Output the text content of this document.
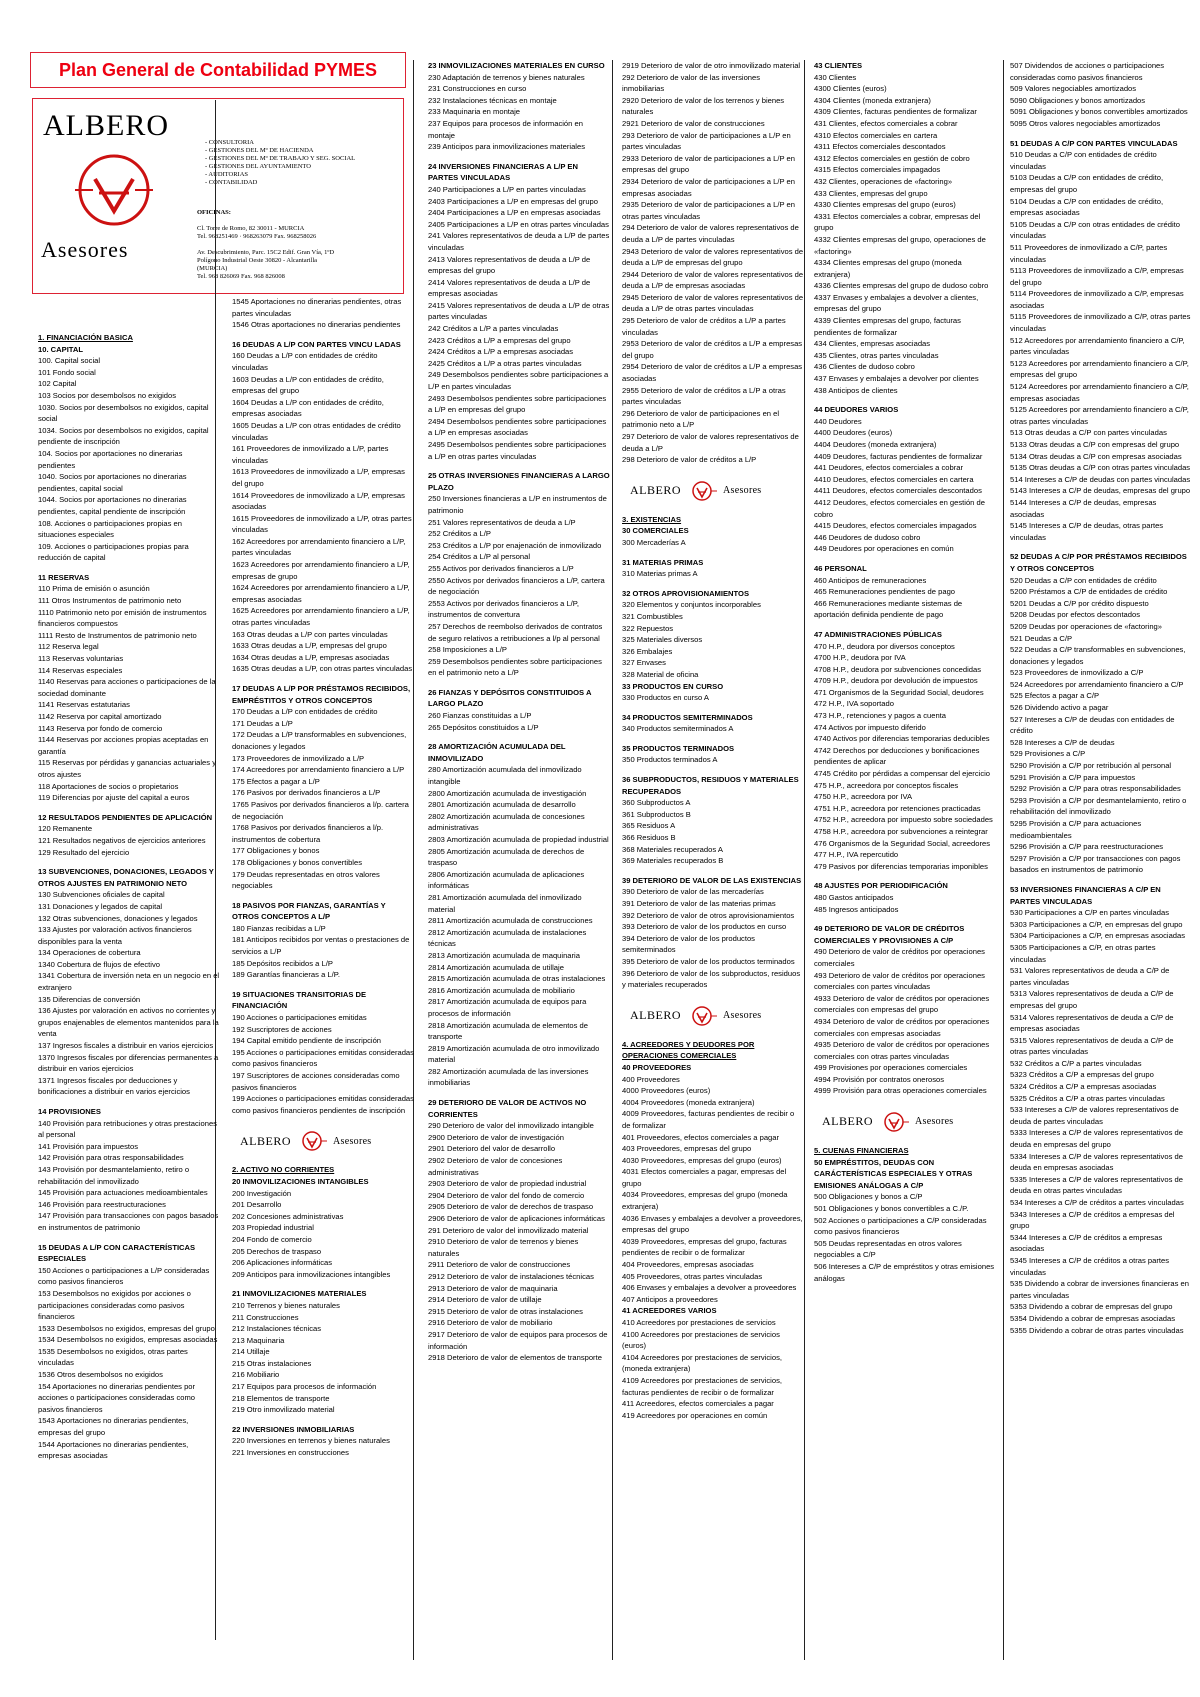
Plan General de Contabilidad PYMES
ALBERO
Asesores
- CONSULTORIA
- GESTIONES DEL Mº DE HACIENDA
- GESTIONES DEL Mº DE TRABAJO Y SEG. SOCIAL
- GESTIONES DEL AYUNTAMIENTO
- AUDITORIAS
- CONTABILIDAD
OFICINAS:
Cl. Torre de Romo, 82 30011 - MURCIA
Tel. 968251469 · 968263079 Fax. 968258026
Av. Descubrimiento, Parc. 15C2 Edif. Gran Vía, 1ºD
Polígono Industrial Oeste 30820 - Alcantarilla
(MURCIA)
Tel. 968 826069 Fax. 968 826008
1. FINANCIACIÓN BASICA
10. CAPITAL
100. Capital social
101 Fondo social
102 Capital
103 Socios por desembolsos no exigidos
1030. Socios por desembolsos no exigidos, capital social
1034. Socios por desembolsos no exigidos, capital pendiente de inscripción
104. Socios por aportaciones no dinerarias pendientes
1040. Socios por aportaciones no dinerarias pendientes, capital social
1044. Socios por aportaciones no dinerarias pendientes, capital pendiente de inscripción
108. Acciones o participaciones propias en situaciones especiales
109. Acciones o participaciones propias para reducción de capital
11 RESERVAS
110 Prima de emisión o asunción
111 Otros Instrumentos de patrimonio neto
1110 Patrimonio neto por emisión de instrumentos financieros compuestos
1111 Resto de Instrumentos de patrimonio neto
112 Reserva legal
113 Reservas voluntarias
114 Reservas especiales
1140 Reservas para acciones o participaciones de la sociedad dominante
1141 Reservas estatutarias
1142 Reserva por capital amortizado
1143 Reserva por fondo de comercio
1144 Reservas por acciones propias aceptadas en garantía
115 Reservas por pérdidas y ganancias actuariales y otros ajustes
118 Aportaciones de socios o propietarios
119 Diferencias por ajuste del capital a euros
12 RESULTADOS PENDIENTES DE APLICACIÓN
120 Remanente
121 Resultados negativos de ejercicios anteriores
129 Resultado del ejercicio
13 SUBVENCIONES, DONACIONES, LEGADOS Y OTROS AJUSTES EN PATRIMONIO NETO
130 Subvenciones oficiales de capital
131 Donaciones y legados de capital
132 Otras subvenciones, donaciones y legados
133 Ajustes por valoración activos financieros disponibles para la venta
134 Operaciones de cobertura
1340 Cobertura de flujos de efectivo
1341 Cobertura de inversión neta en un negocio en el extranjero
135 Diferencias de conversión
136 Ajustes por valoración en activos no corrientes y grupos enajenables de elementos mantenidos para la venta
137 Ingresos fiscales a distribuir en varios ejercicios
1370 Ingresos fiscales por diferencias permanentes a distribuir en varios ejercicios
1371 Ingresos fiscales por deducciones y bonificaciones a distribuir en varios ejercicios
14 PROVISIONES
140 Provisión para retribuciones y otras prestaciones al personal
141 Provisión para impuestos
142 Provisión para otras responsabilidades
143 Provisión por desmantelamiento, retiro o rehabilitación del inmovilizado
145 Provisión para actuaciones medioambientales
146 Provisión para reestructuraciones
147 Provisión para transacciones con pagos basados en instrumentos de patrimonio
15 DEUDAS A L/P CON CARACTERÍSTICAS ESPECIALES
150 Acciones o participaciones a L/P consideradas como pasivos financieros
153 Desembolsos no exigidos por acciones o participaciones consideradas como pasivos financieros
1533 Desembolsos no exigidos, empresas del grupo
1534 Desembolsos no exigidos, empresas asociadas
1535 Desembolsos no exigidos, otras partes vinculadas
1536 Otros desembolsos no exigidos
154 Aportaciones no dinerarias pendientes por acciones o participaciones consideradas como pasivos financieros
1543 Aportaciones no dinerarias pendientes, empresas del grupo
1544 Aportaciones no dinerarias pendientes, empresas asociadas
1545 Aportaciones no dinerarias pendientes, otras partes vinculadas
1546 Otras aportaciones no dinerarias pendientes
16 DEUDAS A L/P CON PARTES VINCU LADAS
160 Deudas a L/P con entidades de crédito vinculadas
1603 Deudas a L/P con entidades de crédito, empresas del grupo
1604 Deudas a L/P con entidades de crédito, empresas asociadas
1605 Deudas a L/P con otras entidades de crédito vinculadas
161 Proveedores de inmovilizado a L/P, partes vinculadas
1613 Proveedores de inmovilizado a L/P, empresas del grupo
1614 Proveedores de inmovilizado a L/P, empresas asociadas
1615 Proveedores de inmovilizado a L/P, otras partes vinculadas
162 Acreedores por arrendamiento financiero a L/P, partes vinculadas
1623 Acreedores por arrendamiento financiero a L/P, empresas de grupo
1624 Acreedores por arrendamiento financiero a L/P, empresas asociadas
1625 Acreedores por arrendamiento financiero a L/P, otras partes vinculadas
163 Otras deudas a L/P con partes vinculadas
1633 Otras deudas a L/P, empresas del grupo
1634 Otras deudas a L/P, empresas asociadas
1635 Otras deudas a L/P, con otras partes vinculadas
17 DEUDAS A L/P POR PRÉSTAMOS RECIBIDOS, EMPRÉSTITOS Y OTROS CONCEPTOS
170 Deudas a L/P con entidades de crédito
171 Deudas a L/P
172 Deudas a L/P transformables en subvenciones, donaciones y legados
173 Proveedores de inmovilizado a L/P
174 Acreedores por arrendamiento financiero a L/P
175 Efectos a pagar a L/P
176 Pasivos por derivados financieros a L/P
1765 Pasivos por derivados financieros a l/p. cartera de negociación
1768 Pasivos por derivados financieros a l/p. instrumentos de cobertura
177 Obligaciones y bonos
178 Obligaciones y bonos convertibles
179 Deudas representadas en otros valores negociables
18 PASIVOS POR FIANZAS, GARANTÍAS Y OTROS CONCEPTOS A L/P
180 Fianzas recibidas a L/P
181 Anticipos recibidos por ventas o prestaciones de servicios a L/P
185 Depósitos recibidos a L/P
189 Garantías financieras a L/P.
19 SITUACIONES TRANSITORIAS DE FINANCIACIÓN
190 Acciones o participaciones emitidas
192 Suscriptores de acciones
194 Capital emitido pendiente de inscripción
195 Acciones o participaciones emitidas consideradas como pasivos financieros
197 Suscriptores de acciones consideradas como pasivos financieros
199 Acciones o participaciones emitidas consideradas como pasivos financieros pendientes de inscripción
ALBERO	Asesores
2. ACTIVO NO CORRIENTES
20 INMOVILIZACIONES INTANGIBLES
200 Investigación
201 Desarrollo
202 Concesiones administrativas
203 Propiedad industrial
204 Fondo de comercio
205 Derechos de traspaso
206 Aplicaciones informáticas
209 Anticipos para inmovilizaciones intangibles
21 INMOVILIZACIONES MATERIALES
210 Terrenos y bienes naturales
211 Construcciones
212 Instalaciones técnicas
213 Maquinaria
214 Utillaje
215 Otras instalaciones
216 Mobiliario
217 Equipos para procesos de información
218 Elementos de transporte
219 Otro inmovilizado material
22 INVERSIONES INMOBILIARIAS
220 Inversiones en terrenos y bienes naturales
221 Inversiones en construcciones
23 INMOVILIZACIONES MATERIALES EN CURSO
230 Adaptación de terrenos y bienes naturales
231 Construcciones en curso
232 Instalaciones técnicas en montaje
233 Maquinaria en montaje
237 Equipos para procesos de información en montaje
239 Anticipos para inmovilizaciones materiales
24 INVERSIONES FINANCIERAS A L/P EN PARTES VINCULADAS
240 Participaciones a L/P en partes vinculadas
2403 Participaciones a L/P en empresas del grupo
2404 Participaciones a L/P en empresas asociadas
2405 Participaciones a L/P en otras partes vinculadas
241 Valores representativos de deuda a L/P de partes vinculadas
2413 Valores representativos de deuda a L/P de empresas del grupo
2414 Valores representativos de deuda a L/P de empresas asociadas
2415 Valores representativos de deuda a L/P de otras partes vinculadas
242 Créditos a L/P a partes vinculadas
2423 Créditos a L/P a empresas del grupo
2424 Créditos a L/P a empresas asociadas
2425 Créditos a L/P a otras partes vinculadas
249 Desembolsos pendientes sobre participaciones a L/P en partes vinculadas
2493 Desembolsos pendientes sobre participaciones a L/P en empresas del grupo
2494 Desembolsos pendientes sobre participaciones a L/P en empresas asociadas
2495 Desembolsos pendientes sobre participaciones a L/P en otras partes vinculadas
25 OTRAS INVERSIONES FINANCIERAS A LARGO PLAZO
250 Inversiones financieras a L/P en instrumentos de patrimonio
251 Valores representativos de deuda a L/P
252 Créditos a L/P
253 Créditos a L/P por enajenación de inmovilizado
254 Créditos a L/P al personal
255 Activos por derivados financieros a L/P
2550 Activos por derivados financieros a L/P, cartera de negociación
2553 Activos por derivados financieros a L/P, instrumentos de convertura
257 Derechos de reembolso derivados de contratos de seguro relativos a retribuciones a l/p al personal
258 Imposiciones a L/P
259 Desembolsos pendientes sobre participaciones en el patrimonio neto a L/P
26 FIANZAS Y DEPÓSITOS CONSTITUIDOS A LARGO PLAZO
260 Fianzas constituidas a L/P
265 Depósitos constituidos a L/P
28 AMORTIZACIÓN ACUMULADA DEL INMOVILIZADO
280 Amortización acumulada del inmovilizado intangible
2800 Amortización acumulada de investigación
2801 Amortización acumulada de desarrollo
2802 Amortización acumulada de concesiones administrativas
2803 Amortización acumulada de propiedad industrial
2805 Amortización acumulada de derechos de traspaso
2806 Amortización acumulada de aplicaciones informáticas
281 Amortización acumulada del inmovilizado material
2811 Amortización acumulada de construcciones
2812 Amortización acumulada de instalaciones técnicas
2813 Amortización acumulada de maquinaria
2814 Amortización acumulada de utillaje
2815 Amortización acumulada de otras instalaciones
2816 Amortización acumulada de mobiliario
2817 Amortización acumulada de equipos para procesos de información
2818 Amortización acumulada de elementos de transporte
2819 Amortización acumulada de otro inmovilizado material
282 Amortización acumulada de las inversiones inmobiliarias
29 DETERIORO DE VALOR DE ACTIVOS NO CORRIENTES
290 Deterioro de valor del inmovilizado intangible
2900 Deterioro de valor de investigación
2901 Deterioro del valor de desarrollo
2902 Deterioro de valor de concesiones administrativas
2903 Deterioro de valor de propiedad industrial
2904 Deterioro de valor del fondo de comercio
2905 Deterioro de valor de derechos de traspaso
2906 Deterioro de valor de aplicaciones informáticas
291 Deterioro de valor del inmovilizado material
2910 Deterioro de valor de terrenos y bienes naturales
2911 Deterioro de valor de construcciones
2912 Deterioro de valor de instalaciones técnicas
2913 Deterioro de valor de maquinaria
2914 Deterioro de valor de utillaje
2915 Deterioro de valor de otras instalaciones
2916 Deterioro de valor de mobiliario
2917 Deterioro de valor de equipos para procesos de información
2918 Deterioro de valor de elementos de transporte
2919 Deterioro de valor de otro inmovilizado material
292 Deterioro de valor de las inversiones inmobiliarias
2920 Deterioro de valor de los terrenos y bienes naturales
2921 Deterioro de valor de construcciones
293 Deterioro de valor de participaciones a L/P en partes vinculadas
2933 Deterioro de valor de participaciones a L/P en empresas del grupo
2934 Deterioro de valor de participaciones a L/P en empresas asociadas
2935 Deterioro de valor de participaciones a L/P en otras partes vinculadas
294 Deterioro de valor de valores representativos de deuda a L/P de partes vinculadas
2943 Deterioro de valor de valores representativos de deuda a L/P de empresas del grupo
2944 Deterioro de valor de valores representativos de deuda a L/P de empresas asociadas
2945 Deterioro de valor de valores representativos de deuda a L/P de otras partes vinculadas
295 Deterioro de valor de créditos a L/P a partes vinculadas
2953 Deterioro de valor de créditos a L/P a empresas del grupo
2954 Deterioro de valor de créditos a L/P a empresas asociadas
2955 Deterioro de valor de créditos a L/P a otras partes vinculadas
296 Deterioro de valor de participaciones en el patrimonio neto a L/P
297 Deterioro de valor de valores representativos de deuda a L/P
298 Deterioro de valor de créditos a L/P
ALBERO	Asesores
3. EXISTENCIAS
30 COMERCIALES
300 Mercaderías A
31 MATERIAS PRIMAS
310 Materias primas A
32 OTROS APROVISIONAMIENTOS
320 Elementos y conjuntos incorporables
321 Combustibles
322 Repuestos
325 Materiales diversos
326 Embalajes
327 Envases
328 Material de oficina
33 PRODUCTOS EN CURSO
330 Productos en curso A
34 PRODUCTOS SEMITERMINADOS
340 Productos semiterminados A
35 PRODUCTOS TERMINADOS
350 Productos terminados A
36 SUBPRODUCTOS, RESIDUOS Y MATERIALES RECUPERADOS
360 Subproductos A
361 Subproductos B
365 Residuos A
366 Residuos B
368 Materiales recuperados A
369 Materiales recuperados B
39 DETERIORO DE VALOR DE LAS EXISTENCIAS
390 Deterioro de valor de las mercaderías
391 Deterioro de valor de las materias primas
392 Deterioro de valor de otros aprovisionamientos
393 Deterioro de valor de los productos en curso
394 Deterioro de valor de los productos semiterminados
395 Deterioro de valor de los productos terminados
396 Deterioro de valor de los subproductos, residuos y materiales recuperados
ALBERO	Asesores
4. ACREEDORES Y DEUDORES POR OPERACIONES COMERCIALES
40 PROVEEDORES
400 Proveedores
4000 Proveedores (euros)
4004 Proveedores (moneda extranjera)
4009 Proveedores, facturas pendientes de recibir o de formalizar
401 Proveedores, efectos comerciales a pagar
403 Proveedores, empresas del grupo
4030 Proveedores, empresas del grupo (euros)
4031 Efectos comerciales a pagar, empresas del grupo
4034 Proveedores, empresas del grupo (moneda extranjera)
4036 Envases y embalajes a devolver a proveedores, empresas del grupo
4039 Proveedores, empresas del grupo, facturas pendientes de recibir o de formalizar
404 Proveedores, empresas asociadas
405 Proveedores, otras partes vinculadas
406 Envases y embalajes a devolver a proveedores
407 Anticipos a proveedores
41 ACREEDORES VARIOS
410 Acreedores por prestaciones de servicios
4100 Acreedores por prestaciones de servicios (euros)
4104 Acreedores por prestaciones de servicios, (moneda extranjera)
4109 Acreedores por prestaciones de servicios, facturas pendientes de recibir o de formalizar
411 Acreedores, efectos comerciales a pagar
419 Acreedores por operaciones en común
43 CLIENTES
430 Clientes
4300 Clientes (euros)
4304 Clientes (moneda extranjera)
4309 Clientes, facturas pendientes de formalizar
431 Clientes, efectos comerciales a cobrar
4310 Efectos comerciales en cartera
4311 Efectos comerciales descontados
4312 Efectos comerciales en gestión de cobro
4315 Efectos comerciales impagados
432 Clientes, operaciones de «factoring»
433 Clientes, empresas del grupo
4330 Clientes empresas del grupo (euros)
4331 Efectos comerciales a cobrar, empresas del grupo
4332 Clientes empresas del grupo, operaciones de «factoring»
4334 Clientes empresas del grupo (moneda extranjera)
4336 Clientes empresas del grupo de dudoso cobro
4337 Envases y embalajes a devolver a clientes, empresas del grupo
4339 Clientes empresas del grupo, facturas pendientes de formalizar
434 Clientes, empresas asociadas
435 Clientes, otras partes vinculadas
436 Clientes de dudoso cobro
437 Envases y embalajes a devolver por clientes
438 Anticipos de clientes
44 DEUDORES VARIOS
440 Deudores
4400 Deudores (euros)
4404 Deudores (moneda extranjera)
4409 Deudores, facturas pendientes de formalizar
441 Deudores, efectos comerciales a cobrar
4410 Deudores, efectos comerciales en cartera
4411 Deudores, efectos comerciales descontados
4412 Deudores, efectos comerciales en gestión de cobro
4415 Deudores, efectos comerciales impagados
446 Deudores de dudoso cobro
449 Deudores por operaciones en común
46 PERSONAL
460 Anticipos de remuneraciones
465 Remuneraciones pendientes de pago
466 Remuneraciones mediante sistemas de aportación definida pendiente de pago
47 ADMINISTRACIONES PÚBLICAS
470 H.P., deudora por diversos conceptos
4700 H.P., deudora por IVA
4708 H.P., deudora por subvenciones concedidas
4709 H.P., deudora por devolución de impuestos
471 Organismos de la Seguridad Social, deudores
472 H.P., IVA soportado
473 H.P., retenciones y pagos a cuenta
474 Activos por impuesto diferido
4740 Activos por diferencias temporarias deducibles
4742 Derechos por deducciones y bonificaciones pendientes de aplicar
4745 Crédito por pérdidas a compensar del ejercicio
475 H.P., acreedora por conceptos fiscales
4750 H.P., acreedora por IVA
4751 H.P., acreedora por retenciones practicadas
4752 H.P., acreedora por impuesto sobre sociedades
4758 H.P., acreedora por subvenciones a reintegrar
476 Organismos de la Seguridad Social, acreedores
477 H.P., IVA repercutido
479 Pasivos por diferencias temporarias imponibles
48 AJUSTES POR PERIODIFICACIÓN
480 Gastos anticipados
485 Ingresos anticipados
49 DETERIORO DE VALOR DE CRÉDITOS COMERCIALES Y PROVISIONES A C/P
490 Deterioro de valor de créditos por operaciones comerciales
493 Deterioro de valor de créditos por operaciones comerciales con partes vinculadas
4933 Deterioro de valor de créditos por operaciones comerciales con empresas del grupo
4934 Deterioro de valor de créditos por operaciones comerciales con empresas asociadas
4935 Deterioro de valor de créditos por operaciones comerciales con otras partes vinculadas
499 Provisiones por operaciones comerciales
4994 Provisión por contratos onerosos
4999 Provisión para otras operaciones comerciales
ALBERO	Asesores
5. CUENAS FINANCIERAS
50 EMPRÉSTITOS, DEUDAS CON CARÁCTERÍSTICAS ESPECIALES Y OTRAS EMISIONES ANÁLOGAS A C/P
500 Obligaciones y bonos a C/P
501 Obligaciones y bonos convertibles a C./P.
502 Acciones o participaciones a C/P consideradas como pasivos financieros
505 Deudas representadas en otros valores negociables a C/P
506 Intereses a C/P de empréstitos y otras emisiones análogas
507 Dividendos de acciones o participaciones consideradas como pasivos financieros
509 Valores negociables amortizados
5090 Obligaciones y bonos amortizados
5091 Obligaciones y bonos convertibles amortizados
5095 Otros valores negociables amortizados
51 DEUDAS A C/P CON PARTES VINCULADAS
510 Deudas a C/P con entidades de crédito vinculadas
5103 Deudas a C/P con entidades de crédito, empresas del grupo
5104 Deudas a C/P con entidades de crédito, empresas asociadas
5105 Deudas a C/P con otras entidades de crédito vinculadas
511 Proveedores de inmovilizado a C/P, partes vinculadas
5113 Proveedores de inmovilizado a C/P, empresas del grupo
5114 Proveedores de inmovilizado a C/P, empresas asociadas
5115 Proveedores de inmovilizado a C/P, otras partes vinculadas
512 Acreedores por arrendamiento financiero a C/P, partes vinculadas
5123 Acreedores por arrendamiento financiero a C/P, empresas del grupo
5124 Acreedores por arrendamiento financiero a C/P, empresas asociadas
5125 Acreedores por arrendamiento financiero a C/P, otras partes vinculadas
513 Otras deudas a C/P con partes vinculadas
5133 Otras deudas a C/P con empresas del grupo
5134 Otras deudas a C/P con empresas asociadas
5135 Otras deudas a C/P con otras partes vinculadas
514 Intereses a C/P de deudas con partes vinculadas
5143 Intereses a C/P de deudas, empresas del grupo
5144 Intereses a C/P de deudas, empresas asociadas
5145 Intereses a C/P de deudas, otras partes vinculadas
52 DEUDAS A C/P POR PRÉSTAMOS RECIBIDOS Y OTROS CONCEPTOS
520 Deudas a C/P con entidades de crédito
5200 Préstamos a C/P de entidades de crédito
5201 Deudas a C/P por crédito dispuesto
5208 Deudas por efectos descontados
5209 Deudas por operaciones de «factoring»
521 Deudas a C/P
522 Deudas a C/P transformables en subvenciones, donaciones y legados
523 Proveedores de inmovilizado a C/P
524 Acreedores por arrendamiento financiero a C/P
525 Efectos a pagar a C/P
526 Dividendo activo a pagar
527 Intereses a C/P de deudas con entidades de crédito
528 Intereses a C/P de deudas
529 Provisiones a C/P
5290 Provisión a C/P por retribución al personal
5291 Provisión a C/P para impuestos
5292 Provisión a C/P para otras responsabilidades
5293 Provisión a C/P por desmantelamiento, retiro o rehabilitación del inmovilizado
5295 Provisión a C/P para actuaciones medioambientales
5296 Provisión a C/P para reestructuraciones
5297 Provisión a C/P por transacciones con pagos basados en instrumentos de patrimonio
53 INVERSIONES FINANCIERAS A C/P EN PARTES VINCULADAS
530 Participaciones a C/P en partes vinculadas
5303 Participaciones a C/P, en empresas del grupo
5304 Participaciones a C/P, en empresas asociadas
5305 Participaciones a C/P, en otras partes vinculadas
531 Valores representativos de deuda a C/P de partes vinculadas
5313 Valores representativos de deuda a C/P de empresas del grupo
5314 Valores representativos de deuda a C/P de empresas asociadas
5315 Valores representativos de deuda a C/P de otras partes vinculadas
532 Créditos a C/P a partes vinculadas
5323 Créditos a C/P a empresas del grupo
5324 Créditos a C/P a empresas asociadas
5325 Créditos a C/P a otras partes vinculadas
533 Intereses a C/P de valores representativos de deuda de partes vinculadas
5333 Intereses a C/P de valores representativos de deuda en empresas del grupo
5334 Intereses a C/P de valores representativos de deuda en empresas asociadas
5335 Intereses a C/P de valores representativos de deuda en otras partes vinculadas
534 Intereses a C/P de créditos a partes vinculadas
5343 Intereses a C/P de créditos a empresas del grupo
5344 Intereses a C/P de créditos a empresas asociadas
5345 Intereses a C/P de créditos a otras partes vinculadas
535 Dividendo a cobrar de inversiones financieras en partes vinculadas
5353 Dividendo a cobrar de empresas del grupo
5354 Dividendo a cobrar de empresas asociadas
5355 Dividendo a cobrar de otras partes vinculadas
